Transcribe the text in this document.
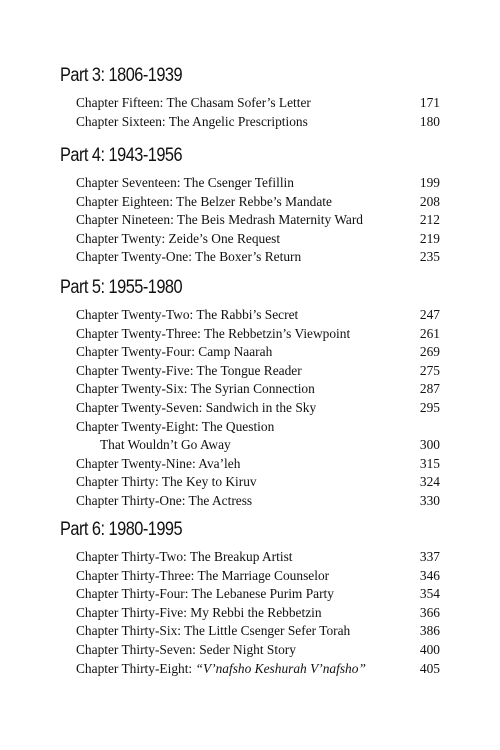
Part 3: 1806-1939
Chapter Fifteen: The Chasam Sofer’s Letter	171
Chapter Sixteen: The Angelic Prescriptions	180
Part 4: 1943-1956
Chapter Seventeen: The Csenger Tefillin	199
Chapter Eighteen: The Belzer Rebbe’s Mandate	208
Chapter Nineteen: The Beis Medrash Maternity Ward	212
Chapter Twenty: Zeide’s One Request	219
Chapter Twenty-One: The Boxer’s Return	235
Part 5: 1955-1980
Chapter Twenty-Two: The Rabbi’s Secret	247
Chapter Twenty-Three: The Rebbetzin’s Viewpoint	261
Chapter Twenty-Four: Camp Naarah	269
Chapter Twenty-Five: The Tongue Reader	275
Chapter Twenty-Six: The Syrian Connection	287
Chapter Twenty-Seven: Sandwich in the Sky	295
Chapter Twenty-Eight: The Question
That Wouldn’t Go Away	300
Chapter Twenty-Nine: Ava’leh	315
Chapter Thirty: The Key to Kiruv	324
Chapter Thirty-One: The Actress	330
Part 6: 1980-1995
Chapter Thirty-Two: The Breakup Artist	337
Chapter Thirty-Three: The Marriage Counselor	346
Chapter Thirty-Four: The Lebanese Purim Party	354
Chapter Thirty-Five: My Rebbi the Rebbetzin	366
Chapter Thirty-Six: The Little Csenger Sefer Torah	386
Chapter Thirty-Seven: Seder Night Story	400
Chapter Thirty-Eight: “V’nafsho Keshurah V’nafsho”	405
